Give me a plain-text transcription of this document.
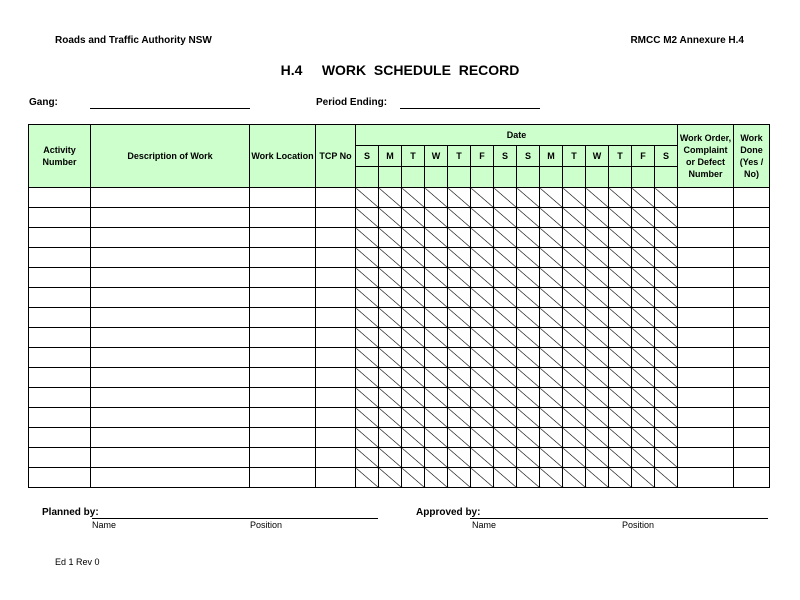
Roads and Traffic Authority NSW	RMCC M2 Annexure H.4
H.4     WORK  SCHEDULE  RECORD
Gang:	Period Ending:
Activity Number	Description of Work	Work Location	TCP No	Date														Work Order, Complaint or Defect Number	Work Done (Yes / No)
				S	M	T	W	T	F	S	S	M	T	W	T	F	S		

Planned by:
Name	Position
Approved by:
Name	Position
Ed 1 Rev 0
